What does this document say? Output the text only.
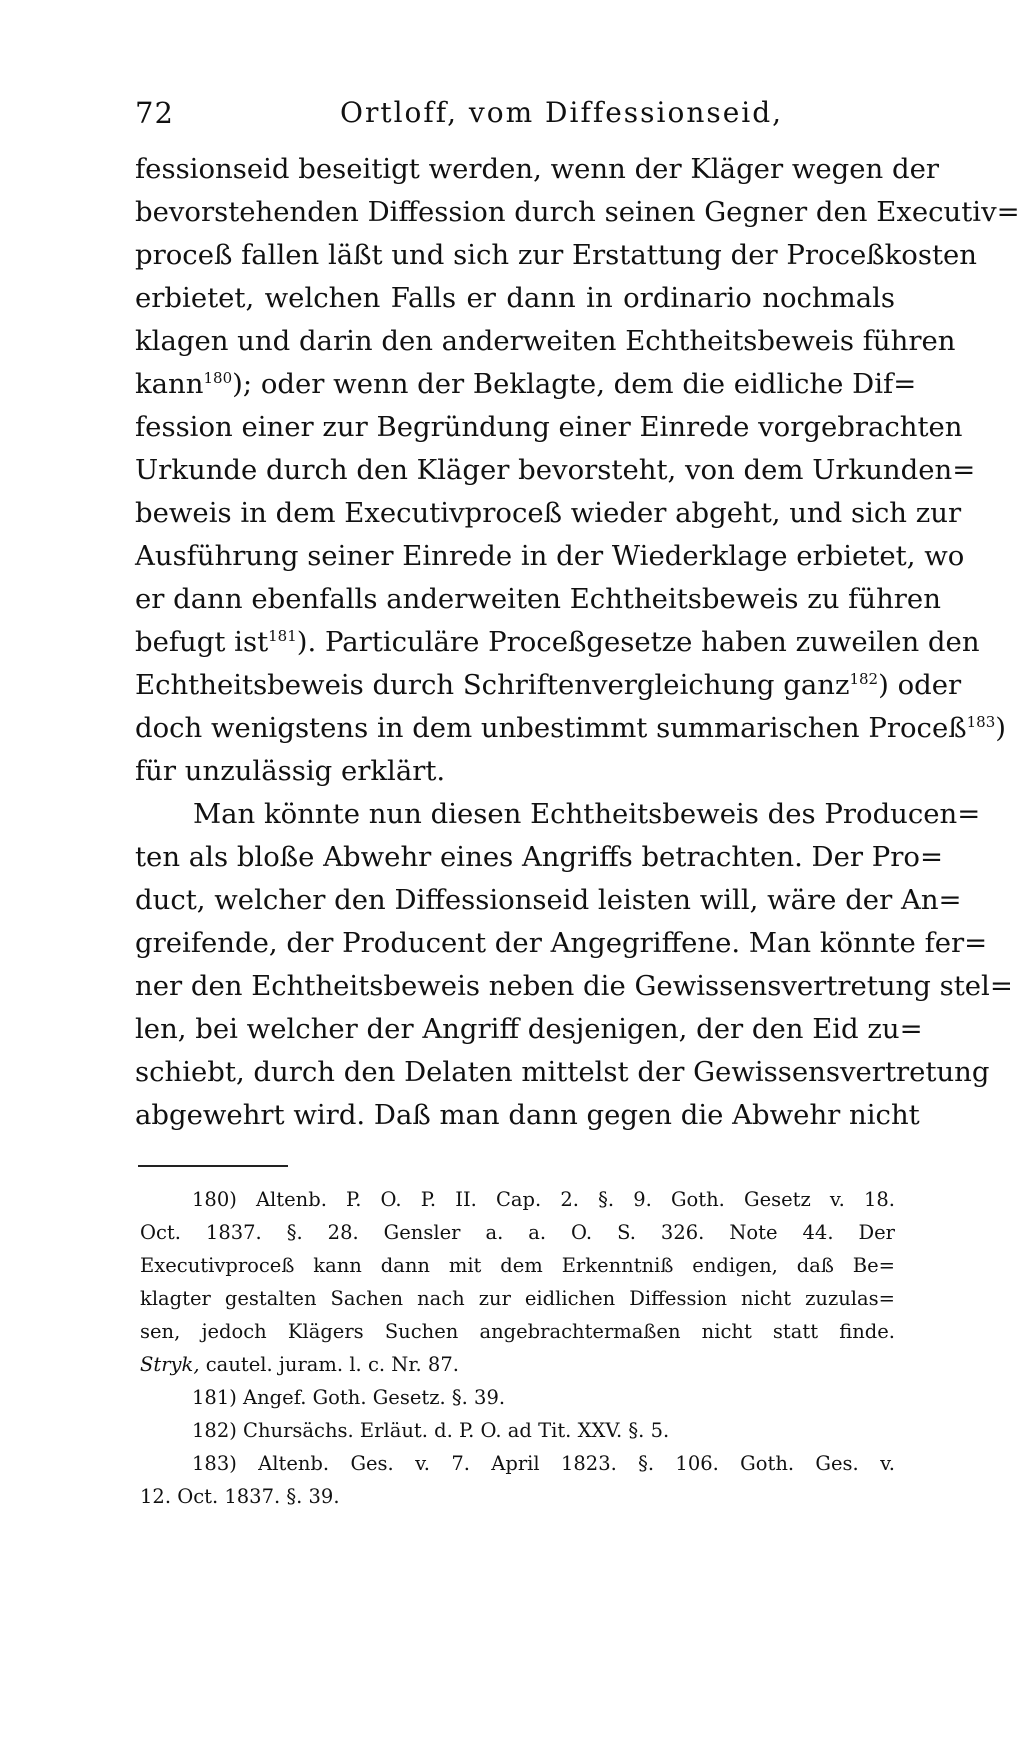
72	Ortloff, vom Diffessionseid,
fessionseid beseitigt werden, wenn der Kläger wegen der
bevorstehenden Diffession durch seinen Gegner den Executiv=
proceß fallen läßt und sich zur Erstattung der Proceßkosten
erbietet, welchen Falls er dann in ordinario nochmals
klagen und darin den anderweiten Echtheitsbeweis führen
kann$^{180}$); oder wenn der Beklagte, dem die eidliche Dif=
fession einer zur Begründung einer Einrede vorgebrachten
Urkunde durch den Kläger bevorsteht, von dem Urkunden=
beweis in dem Executivproceß wieder abgeht, und sich zur
Ausführung seiner Einrede in der Wiederklage erbietet, wo
er dann ebenfalls anderweiten Echtheitsbeweis zu führen
befugt ist$^{181}$). Particuläre Proceßgesetze haben zuweilen den
Echtheitsbeweis durch Schriftenvergleichung ganz$^{182}$) oder
doch wenigstens in dem unbestimmt summarischen Proceß$^{183}$)
für unzulässig erklärt.
Man könnte nun diesen Echtheitsbeweis des Producen=
ten als bloße Abwehr eines Angriffs betrachten. Der Pro=
duct, welcher den Diffessionseid leisten will, wäre der An=
greifende, der Producent der Angegriffene. Man könnte fer=
ner den Echtheitsbeweis neben die Gewissensvertretung stel=
len, bei welcher der Angriff desjenigen, der den Eid zu=
schiebt, durch den Delaten mittelst der Gewissensvertretung
abgewehrt wird. Daß man dann gegen die Abwehr nicht
180) Altenb. P. O. P. II. Cap. 2. §. 9. Goth. Gesetz v. 18.
Oct. 1837. §. 28. Gensler a. a. O. S. 326. Note 44. Der
Executivproceß kann dann mit dem Erkenntniß endigen, daß Be=
klagter gestalten Sachen nach zur eidlichen Diffession nicht zuzulas=
sen, jedoch Klägers Suchen angebrachtermaßen nicht statt finde.
Stryk, cautel. juram. l. c. Nr. 87.
181) Angef. Goth. Gesetz. §. 39.
182) Chursächs. Erläut. d. P. O. ad Tit. XXV. §. 5.
183) Altenb. Ges. v. 7. April 1823. §. 106. Goth. Ges. v.
12. Oct. 1837. §. 39.
